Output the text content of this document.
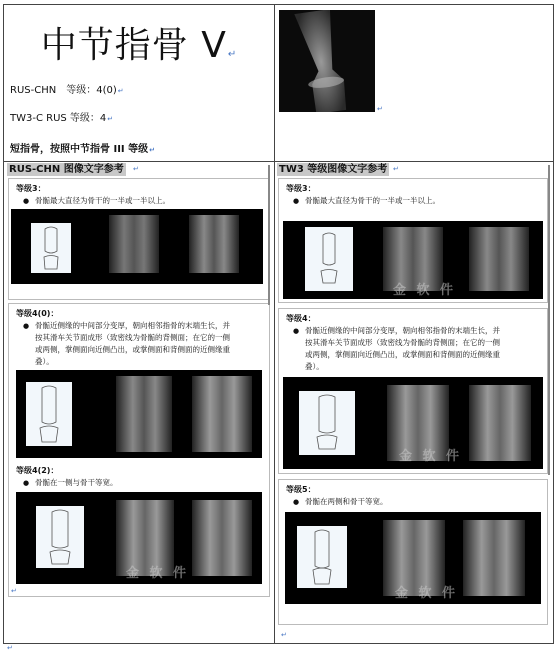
中节指骨 V↵
RUS-CHN　等级：4(0)↵
TW3-C RUS 等级：4↵
短指骨，按照中节指骨 III 等级↵
↵
RUS-CHN 图像文字参考 ↵	TW3 等级图像文字参考 ↵
等级3：
● 骨骺最大直径为骨干的一半或一半以上。
等级4(0)：
● 骨骺近侧缘的中间部分变厚，朝向相邻指骨的末端生长，并
按其滑车关节面成形（致密线为骨骺的背侧面；在它的一侧
或两侧，掌侧面向近侧凸出，或掌侧面和背侧面的近侧缘重
叠）。
等级4(2)：
● 骨骺在一侧与骨干等宽。
金 软 件
↵
等级3：
● 骨骺最大直径为骨干的一半或一半以上。
金 软 件
等级4：
● 骨骺近侧缘的中间部分变厚，朝向相邻指骨的末端生长，并
按其滑车关节面成形（致密线为骨骺的背侧面；在它的一侧
或两侧，掌侧面向近侧凸出，或掌侧面和背侧面的近侧缘重
叠）。
金 软 件
等级5：
● 骨骺在两侧和骨干等宽。
金 软 件
↵
↵
